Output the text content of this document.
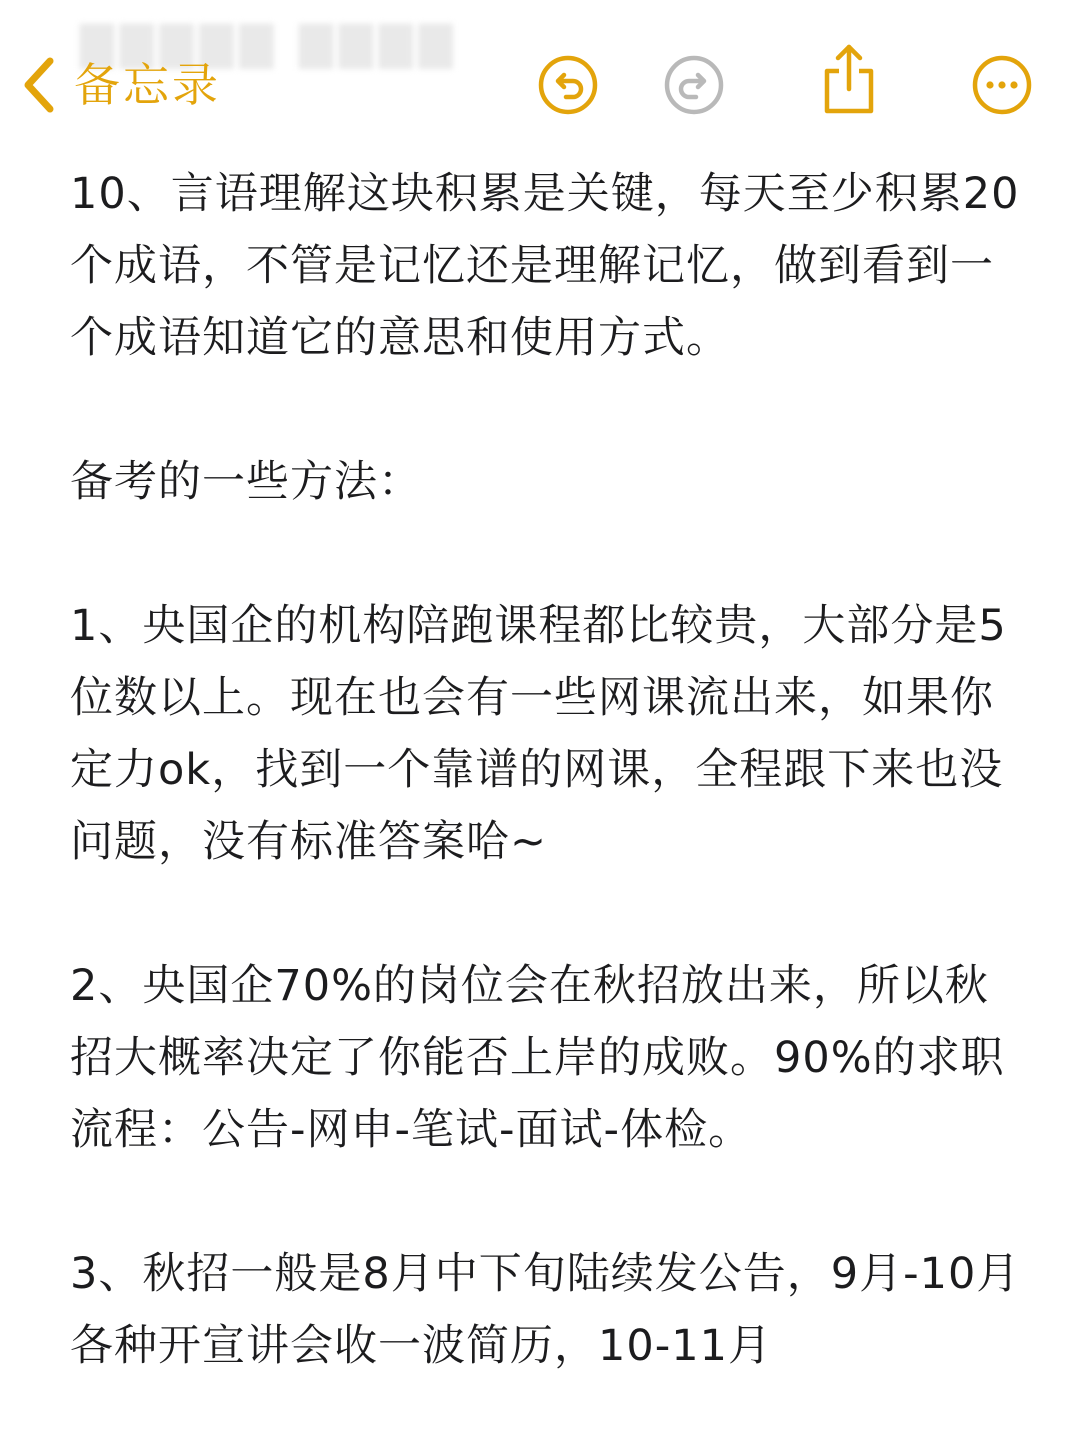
▇▇▇▇▇ ▇▇▇▇
备忘录

10、言语理解这块积累是关键，每天至少积累20个成语，不管是记忆还是理解记忆，做到看到一个成语知道它的意思和使用方式。

备考的一些方法：

1、央国企的机构陪跑课程都比较贵，大部分是5位数以上。现在也会有一些网课流出来，如果你定力ok，找到一个靠谱的网课，全程跟下来也没问题，没有标准答案哈~

2、央国企70%的岗位会在秋招放出来，所以秋招大概率决定了你能否上岸的成败。90%的求职流程：公告-网申-笔试-面试-体检。

3、秋招一般是8月中下旬陆续发公告，9月-10月各种开宣讲会收一波简历，10-11月
